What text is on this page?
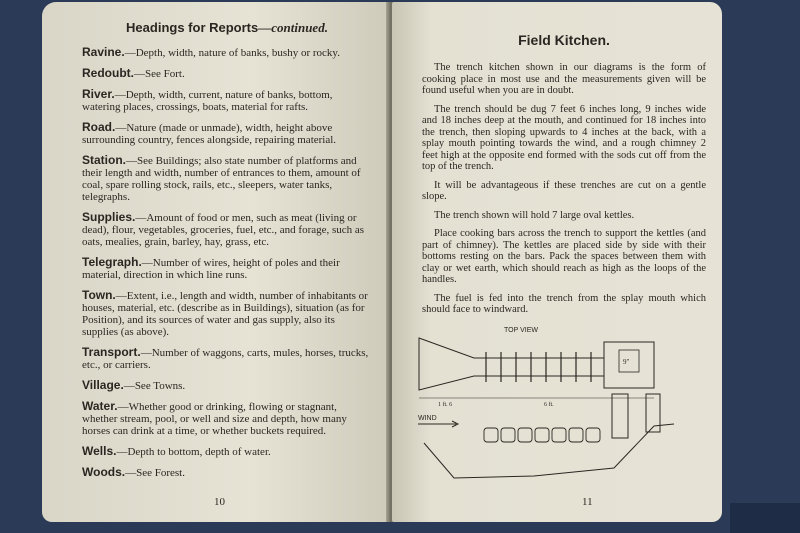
Headings for Reports—continued.
Ravine.—Depth, width, nature of banks, bushy or rocky.
Redoubt.—See Fort.
River.—Depth, width, current, nature of banks, bottom, watering places, crossings, boats, material for rafts.
Road.—Nature (made or unmade), width, height above surrounding country, fences alongside, repairing material.
Station.—See Buildings; also state number of platforms and their length and width, number of entrances to them, amount of coal, spare rolling stock, rails, etc., sleepers, water tanks, telegraphs.
Supplies.—Amount of food or men, such as meat (living or dead), flour, vegetables, groceries, fuel, etc., and forage, such as oats, mealies, grain, barley, hay, grass, etc.
Telegraph.—Number of wires, height of poles and their material, direction in which line runs.
Town.—Extent, i.e., length and width, number of inhabitants or houses, material, etc. (describe as in Buildings), situation (as for Position), and its sources of water and gas supply, also its supplies (as above).
Transport.—Number of waggons, carts, mules, horses, trucks, etc., or carriers.
Village.—See Towns.
Water.—Whether good or drinking, flowing or stagnant, whether stream, pool, or well and size and depth, how many horses can drink at a time, or whether buckets required.
Wells.—Depth to bottom, depth of water.
Woods.—See Forest.
10
Field Kitchen.
The trench kitchen shown in our diagrams is the form of cooking place in most use and the measurements given will be found useful when you are in doubt.
The trench should be dug 7 feet 6 inches long, 9 inches wide and 18 inches deep at the mouth, and continued for 18 inches into the trench, then sloping upwards to 4 inches at the back, with a splay mouth pointing towards the wind, and a rough chimney 2 feet high at the opposite end formed with the sods cut off from the top of the trench.
It will be advantageous if these trenches are cut on a gentle slope.
The trench shown will hold 7 large oval kettles.
Place cooking bars across the trench to support the kettles (and part of chimney). The kettles are placed side by side with their bottoms resting on the bars. Pack the spaces between them with clay or wet earth, which should reach as high as the loops of the handles.
The fuel is fed into the trench from the splay mouth which should face to windward.
TOP VIEW
9"
1 ft. 6	6 ft.
WIND
11
